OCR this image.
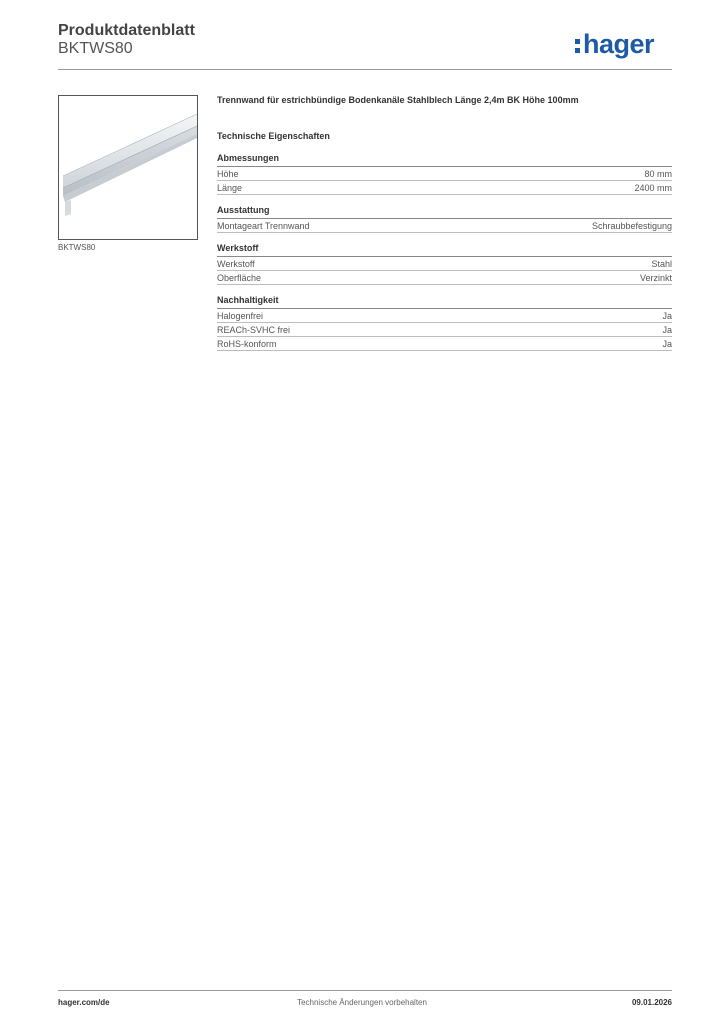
Produktdatenblatt
BKTWS80	hager
BKTWS80
Trennwand für estrichbündige Bodenkanäle Stahlblech Länge 2,4m BK Höhe 100mm
Technische Eigenschaften
Abmessungen
Höhe	80 mm
Länge	2400 mm
Ausstattung
Montageart Trennwand	Schraubbefestigung
Werkstoff
Werkstoff	Stahl
Oberfläche	Verzinkt
Nachhaltigkeit
Halogenfrei	Ja
REACh-SVHC frei	Ja
RoHS-konform	Ja
hager.com/de	Technische Änderungen vorbehalten	09.01.2026
